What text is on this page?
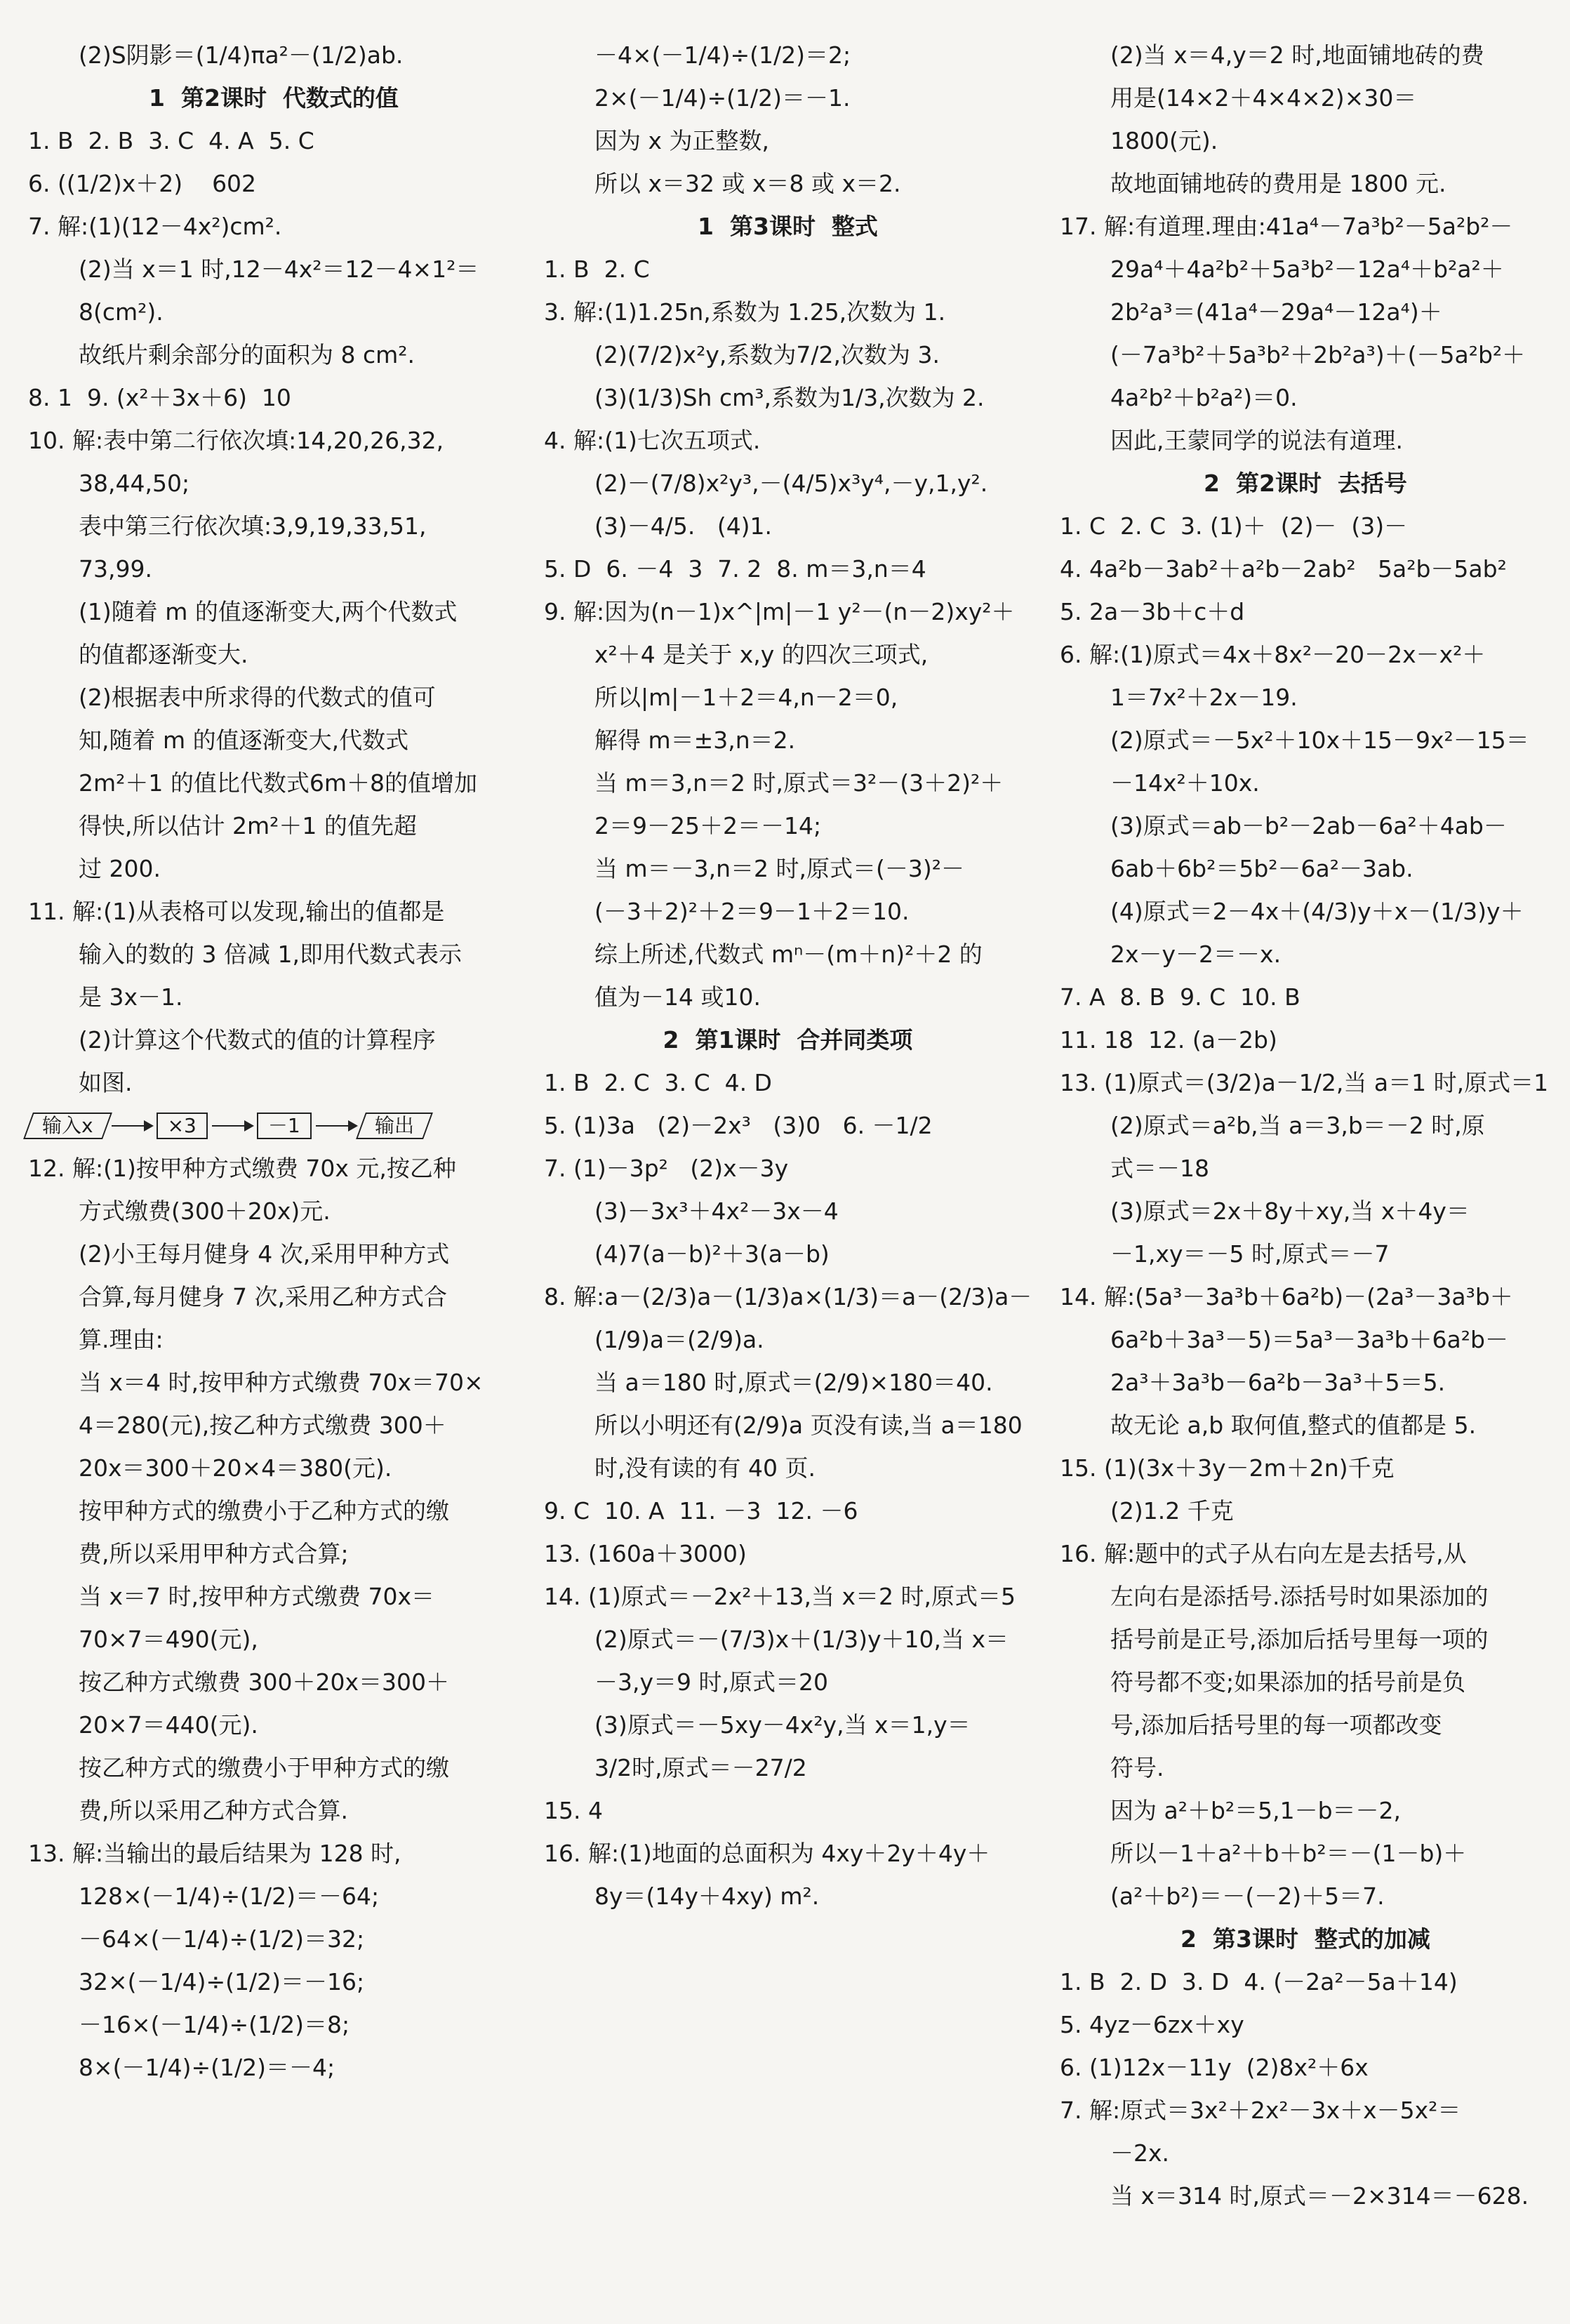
(2)S阴影＝(1/4)πa²－(1/2)ab.
1  第2课时  代数式的值
1. B  2. B  3. C  4. A  5. C
6. ((1/2)x＋2)    602
7. 解:(1)(12－4x²)cm².
(2)当 x＝1 时,12－4x²＝12－4×1²＝
8(cm²).
故纸片剩余部分的面积为 8 cm².
8. 1  9. (x²＋3x＋6)  10
10. 解:表中第二行依次填:14,20,26,32,
38,44,50;
表中第三行依次填:3,9,19,33,51,
73,99.
(1)随着 m 的值逐渐变大,两个代数式
的值都逐渐变大.
(2)根据表中所求得的代数式的值可
知,随着 m 的值逐渐变大,代数式
2m²＋1 的值比代数式6m＋8的值增加
得快,所以估计 2m²＋1 的值先超
过 200.
11. 解:(1)从表格可以发现,输出的值都是
输入的数的 3 倍减 1,即用代数式表示
是 3x－1.
(2)计算这个代数式的值的计算程序
如图.
输入x	×3	－1	输出
12. 解:(1)按甲种方式缴费 70x 元,按乙种
方式缴费(300＋20x)元.
(2)小王每月健身 4 次,采用甲种方式
合算,每月健身 7 次,采用乙种方式合
算.理由:
当 x＝4 时,按甲种方式缴费 70x＝70×
4＝280(元),按乙种方式缴费 300＋
20x＝300＋20×4＝380(元).
按甲种方式的缴费小于乙种方式的缴
费,所以采用甲种方式合算;
当 x＝7 时,按甲种方式缴费 70x＝
70×7＝490(元),
按乙种方式缴费 300＋20x＝300＋
20×7＝440(元).
按乙种方式的缴费小于甲种方式的缴
费,所以采用乙种方式合算.
13. 解:当输出的最后结果为 128 时,
128×(－1/4)÷(1/2)＝－64;
－64×(－1/4)÷(1/2)＝32;
32×(－1/4)÷(1/2)＝－16;
－16×(－1/4)÷(1/2)＝8;
8×(－1/4)÷(1/2)＝－4;
－4×(－1/4)÷(1/2)＝2;
2×(－1/4)÷(1/2)＝－1.
因为 x 为正整数,
所以 x＝32 或 x＝8 或 x＝2.
1  第3课时  整式
1. B  2. C
3. 解:(1)1.25n,系数为 1.25,次数为 1.
(2)(7/2)x²y,系数为7/2,次数为 3.
(3)(1/3)Sh cm³,系数为1/3,次数为 2.
4. 解:(1)七次五项式.
(2)－(7/8)x²y³,－(4/5)x³y⁴,－y,1,y².
(3)－4/5.   (4)1.
5. D  6. －4  3  7. 2  8. m＝3,n＝4
9. 解:因为(n－1)x^|m|－1 y²－(n－2)xy²＋
x²＋4 是关于 x,y 的四次三项式,
所以|m|－1＋2＝4,n－2＝0,
解得 m＝±3,n＝2.
当 m＝3,n＝2 时,原式＝3²－(3＋2)²＋
2＝9－25＋2＝－14;
当 m＝－3,n＝2 时,原式＝(－3)²－
(－3＋2)²＋2＝9－1＋2＝10.
综上所述,代数式 mⁿ－(m＋n)²＋2 的
值为－14 或10.
2  第1课时  合并同类项
1. B  2. C  3. C  4. D
5. (1)3a   (2)－2x³   (3)0   6. －1/2
7. (1)－3p²   (2)x－3y
(3)－3x³＋4x²－3x－4
(4)7(a－b)²＋3(a－b)
8. 解:a－(2/3)a－(1/3)a×(1/3)＝a－(2/3)a－
(1/9)a＝(2/9)a.
当 a＝180 时,原式＝(2/9)×180＝40.
所以小明还有(2/9)a 页没有读,当 a＝180
时,没有读的有 40 页.
9. C  10. A  11. －3  12. －6
13. (160a＋3000)
14. (1)原式＝－2x²＋13,当 x＝2 时,原式＝5
(2)原式＝－(7/3)x＋(1/3)y＋10,当 x＝
－3,y＝9 时,原式＝20
(3)原式＝－5xy－4x²y,当 x＝1,y＝
3/2时,原式＝－27/2
15. 4
16. 解:(1)地面的总面积为 4xy＋2y＋4y＋
8y＝(14y＋4xy) m².
(2)当 x＝4,y＝2 时,地面铺地砖的费
用是(14×2＋4×4×2)×30＝
1800(元).
故地面铺地砖的费用是 1800 元.
17. 解:有道理.理由:41a⁴－7a³b²－5a²b²－
29a⁴＋4a²b²＋5a³b²－12a⁴＋b²a²＋
2b²a³＝(41a⁴－29a⁴－12a⁴)＋
(－7a³b²＋5a³b²＋2b²a³)＋(－5a²b²＋
4a²b²＋b²a²)＝0.
因此,王蒙同学的说法有道理.
2  第2课时  去括号
1. C  2. C  3. (1)＋  (2)－  (3)－
4. 4a²b－3ab²＋a²b－2ab²   5a²b－5ab²
5. 2a－3b＋c＋d
6. 解:(1)原式＝4x＋8x²－20－2x－x²＋
1＝7x²＋2x－19.
(2)原式＝－5x²＋10x＋15－9x²－15＝
－14x²＋10x.
(3)原式＝ab－b²－2ab－6a²＋4ab－
6ab＋6b²＝5b²－6a²－3ab.
(4)原式＝2－4x＋(4/3)y＋x－(1/3)y＋
2x－y－2＝－x.
7. A  8. B  9. C  10. B
11. 18  12. (a－2b)
13. (1)原式＝(3/2)a－1/2,当 a＝1 时,原式＝1
(2)原式＝a²b,当 a＝3,b＝－2 时,原
式＝－18
(3)原式＝2x＋8y＋xy,当 x＋4y＝
－1,xy＝－5 时,原式＝－7
14. 解:(5a³－3a³b＋6a²b)－(2a³－3a³b＋
6a²b＋3a³－5)＝5a³－3a³b＋6a²b－
2a³＋3a³b－6a²b－3a³＋5＝5.
故无论 a,b 取何值,整式的值都是 5.
15. (1)(3x＋3y－2m＋2n)千克
(2)1.2 千克
16. 解:题中的式子从右向左是去括号,从
左向右是添括号.添括号时如果添加的
括号前是正号,添加后括号里每一项的
符号都不变;如果添加的括号前是负
号,添加后括号里的每一项都改变
符号.
因为 a²＋b²＝5,1－b＝－2,
所以－1＋a²＋b＋b²＝－(1－b)＋
(a²＋b²)＝－(－2)＋5＝7.
2  第3课时  整式的加减
1. B  2. D  3. D  4. (－2a²－5a＋14)
5. 4yz－6zx＋xy
6. (1)12x－11y  (2)8x²＋6x
7. 解:原式＝3x²＋2x²－3x＋x－5x²＝
－2x.
当 x＝314 时,原式＝－2×314＝－628.
